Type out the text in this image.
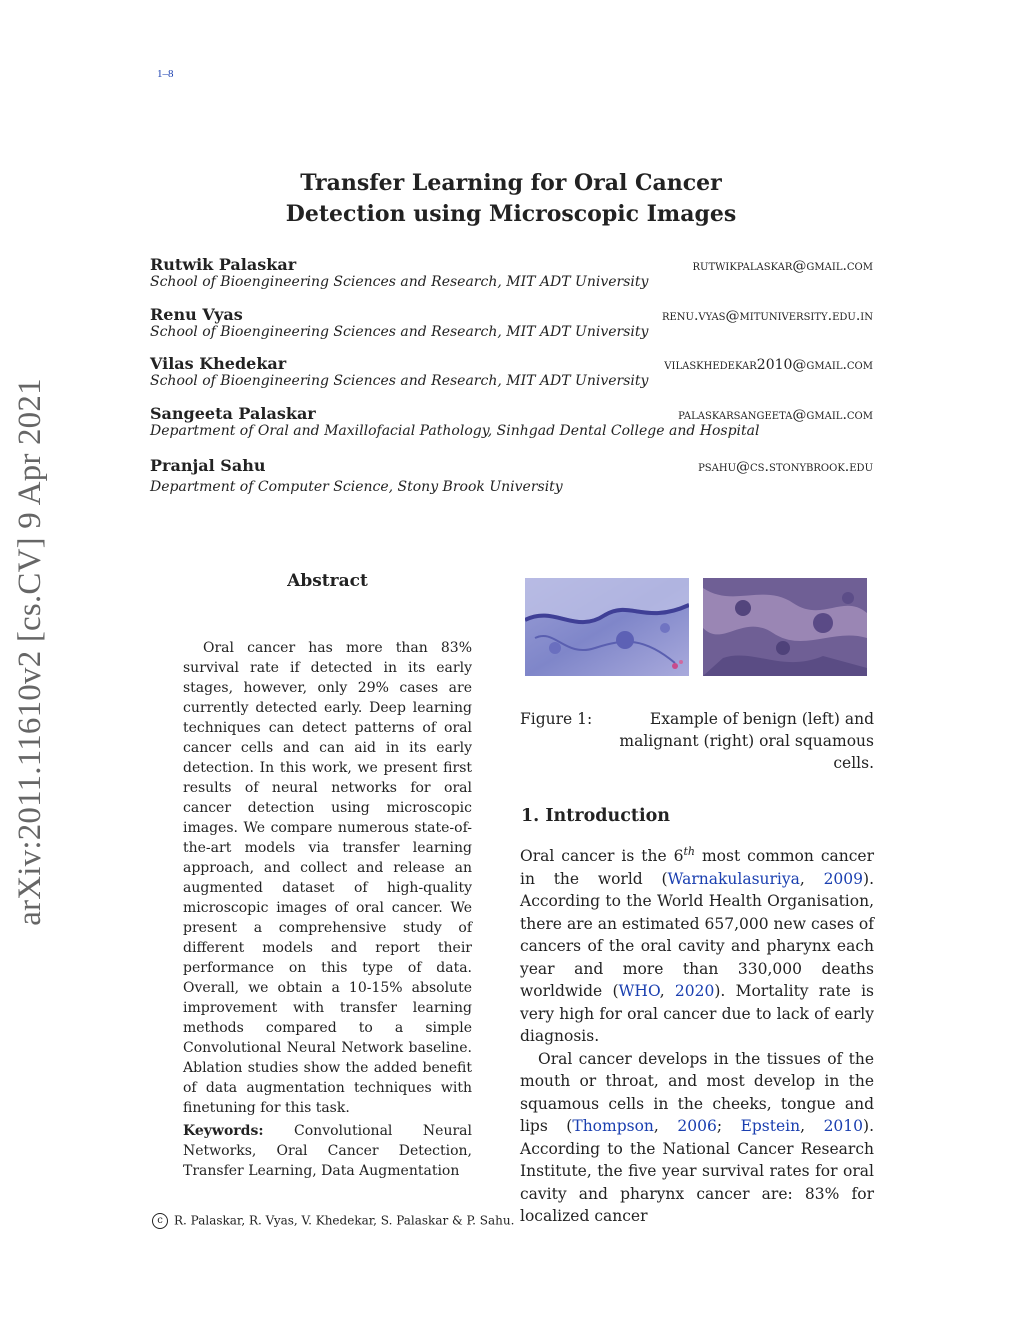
1–8
arXiv:2011.11610v2 [cs.CV] 9 Apr 2021
Transfer Learning for Oral Cancer
Detection using Microscopic Images
Rutwik Palaskar	rutwikpalaskar@gmail.com
School of Bioengineering Sciences and Research, MIT ADT University
Renu Vyas	renu.vyas@mituniversity.edu.in
School of Bioengineering Sciences and Research, MIT ADT University
Vilas Khedekar	vilaskhedekar2010@gmail.com
School of Bioengineering Sciences and Research, MIT ADT University
Sangeeta Palaskar	palaskarsangeeta@gmail.com
Department of Oral and Maxillofacial Pathology, Sinhgad Dental College and Hospital
Pranjal Sahu	psahu@cs.stonybrook.edu
Department of Computer Science, Stony Brook University
Abstract
Oral cancer has more than 83% survival rate if detected in its early stages, however, only 29% cases are currently detected early. Deep learning techniques can detect patterns of oral cancer cells and can aid in its early detection. In this work, we present first results of neural networks for oral cancer detection using microscopic images. We compare numerous state-of-the-art models via transfer learning approach, and collect and release an augmented dataset of high-quality microscopic images of oral cancer. We present a comprehensive study of different models and report their performance on this type of data. Overall, we obtain a 10-15% absolute improvement with transfer learning methods compared to a simple Convolutional Neural Network baseline. Ablation studies show the added benefit of data augmentation techniques with finetuning for this task.
Keywords: Convolutional Neural Networks, Oral Cancer Detection, Transfer Learning, Data Augmentation
Figure 1:	Example of benign (left) and malignant (right) oral squamous cells.
1. Introduction

Oral cancer is the 6th most common cancer in the world (Warnakulasuriya, 2009). According to the World Health Organisation, there are an estimated 657,000 new cases of cancers of the oral cavity and pharynx each year and more than 330,000 deaths worldwide (WHO, 2020). Mortality rate is very high for oral cancer due to lack of early diagnosis.

Oral cancer develops in the tissues of the mouth or throat, and most develop in the squamous cells in the cheeks, tongue and lips (Thompson, 2006; Epstein, 2010). According to the National Cancer Research Institute, the five year survival rates for oral cavity and pharynx cancer are: 83% for localized cancer

c R. Palaskar, R. Vyas, V. Khedekar, S. Palaskar & P. Sahu.
